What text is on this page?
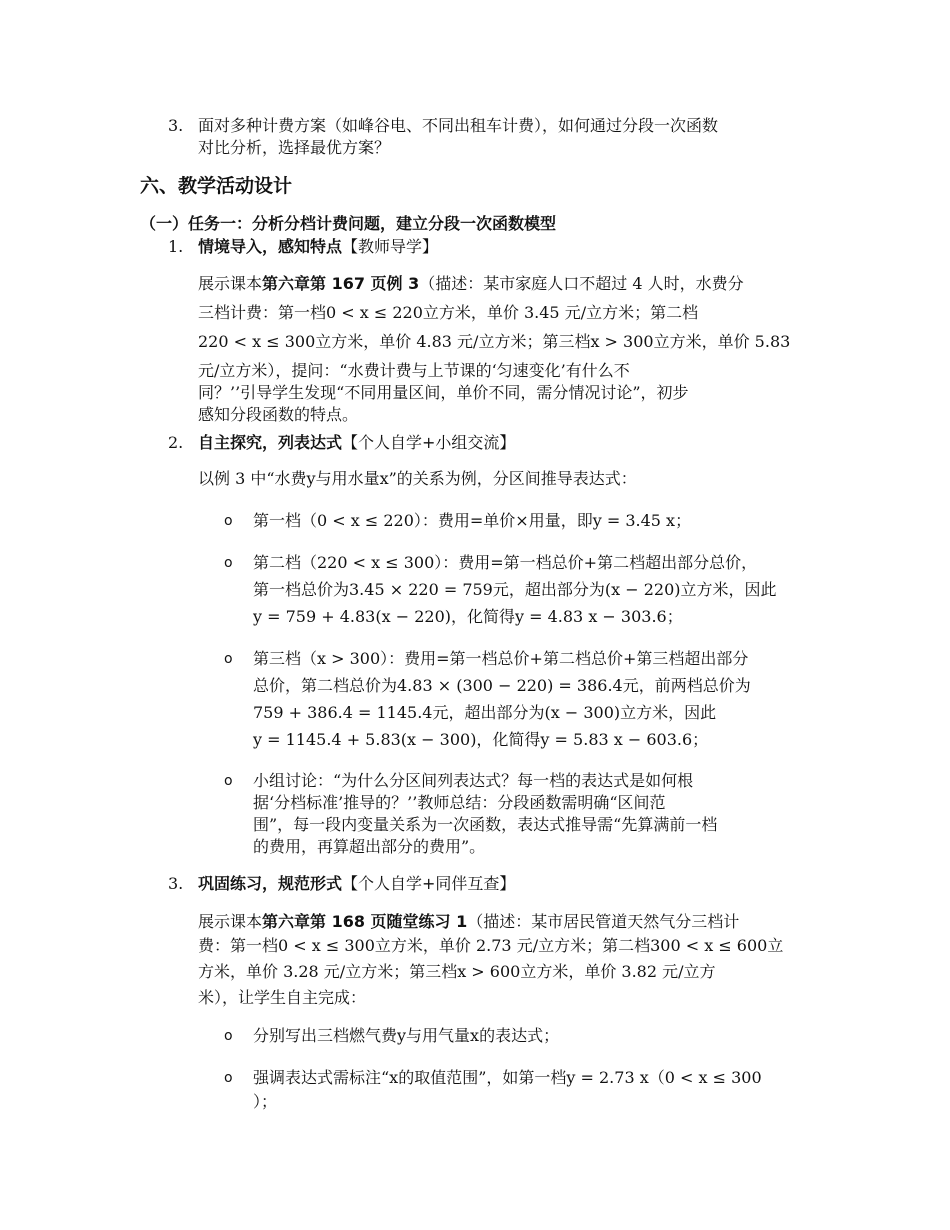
3. 面对多种计费方案（如峰谷电、不同出租车计费），如何通过分段一次函数
对比分析，选择最优方案？
六、教学活动设计
（一）任务一：分析分档计费问题，建立分段一次函数模型
1. 情境导入，感知特点【教师导学】
展示课本第六章第 167 页例 3（描述：某市家庭人口不超过 4 人时，水费分
三档计费：第一档0 < x ≤ 220立方米，单价 3.45 元/立方米；第二档
220 < x ≤ 300立方米，单价 4.83 元/立方米；第三档x > 300立方米，单价 5.83
元/立方米），提问：“水费计费与上节课的‘匀速变化’有什么不
同？’’引导学生发现“不同用量区间，单价不同，需分情况讨论”，初步
感知分段函数的特点。
2. 自主探究，列表达式【个人自学+小组交流】
以例 3 中“水费y与用水量x”的关系为例，分区间推导表达式：
o	第一档（0 < x ≤ 220）：费用=单价×用量，即y = 3.45 x；
o	第二档（220 < x ≤ 300）：费用=第一档总价+第二档超出部分总价，
第一档总价为3.45 × 220 = 759元，超出部分为(x − 220)立方米，因此
y = 759 + 4.83(x − 220)，化简得y = 4.83 x − 303.6；
o	第三档（x > 300）：费用=第一档总价+第二档总价+第三档超出部分
总价，第二档总价为4.83 × (300 − 220) = 386.4元，前两档总价为
759 + 386.4 = 1145.4元，超出部分为(x − 300)立方米，因此
y = 1145.4 + 5.83(x − 300)，化简得y = 5.83 x − 603.6；
o	小组讨论：“为什么分区间列表达式？每一档的表达式是如何根
据‘分档标准’推导的？’’教师总结：分段函数需明确“区间范
围”，每一段内变量关系为一次函数，表达式推导需“先算满前一档
的费用，再算超出部分的费用”。
3. 巩固练习，规范形式【个人自学+同伴互查】
展示课本第六章第 168 页随堂练习 1（描述：某市居民管道天然气分三档计
费：第一档0 < x ≤ 300立方米，单价 2.73 元/立方米；第二档300 < x ≤ 600立
方米，单价 3.28 元/立方米；第三档x > 600立方米，单价 3.82 元/立方
米），让学生自主完成：
o	分别写出三档燃气费y与用气量x的表达式；
o	强调表达式需标注“x的取值范围”，如第一档y = 2.73 x（0 < x ≤ 300
）；
